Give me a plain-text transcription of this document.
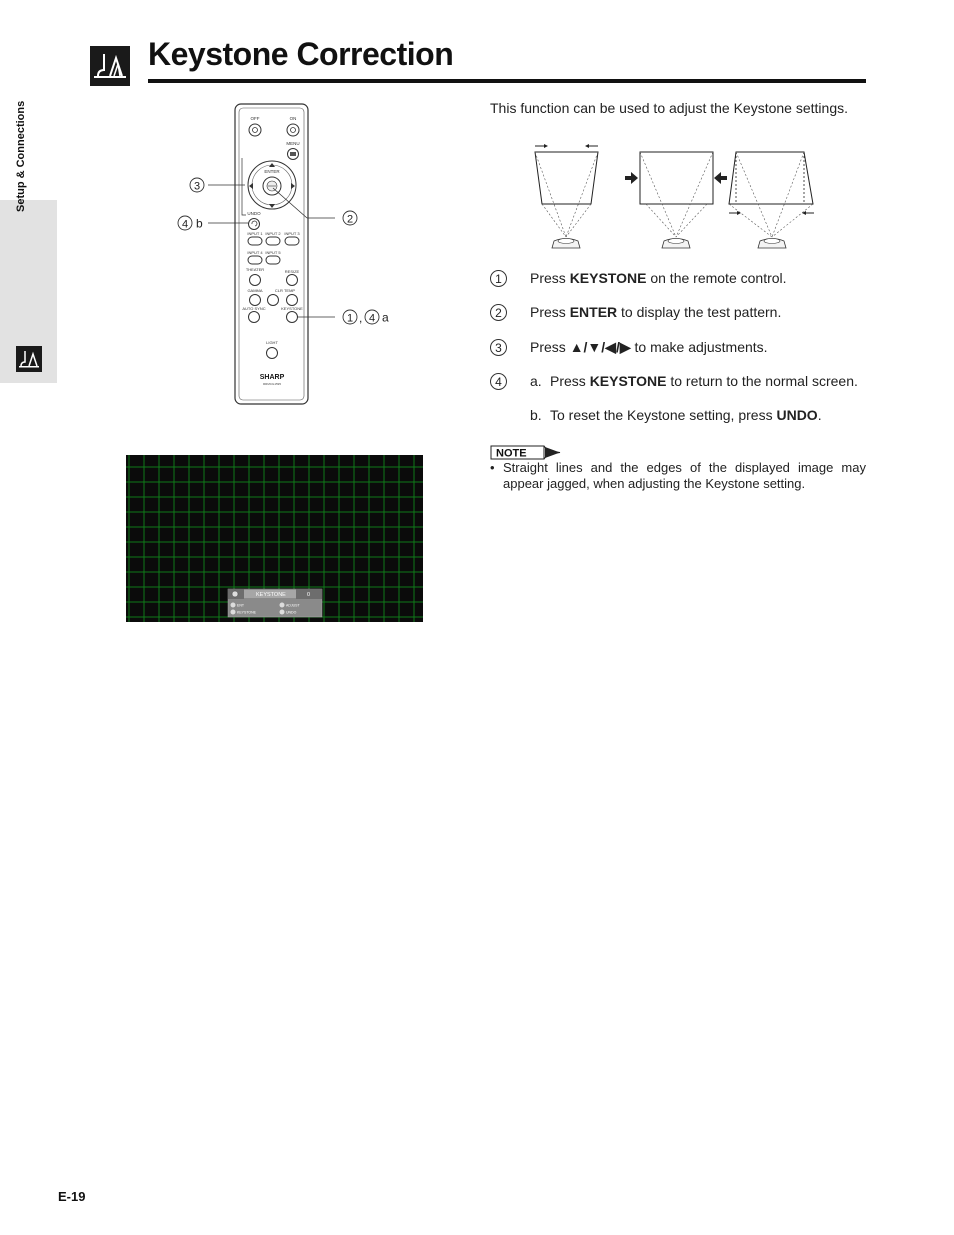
Keystone Correction
Setup & Connections	OFF	ON
MENU
ENTER
UNDO
INPUT 1 INPUT 2 INPUT 3
INPUT 4 INPUT 5
THEATER	RESIZE
GAMMA	CLR TEMP
AUTO SYNC	KEYSTONE
LIGHT
SHARP
RRMCG1595
3
4 b	2
1 , 4 a
KEYSTONE	0
ENT	ADJUST
KEYSTONE	UNDO
This function can be used to adjust the Keystone settings.
1	Press KEYSTONE on the remote control.
2	Press ENTER to display the test pattern.
3	Press ▲/▼/◀/▶ to make adjustments.
4	a. Press KEYSTONE to return to the normal screen.
b. To reset the Keystone setting, press UNDO.
NOTE
• Straight lines and the edges of the displayed image may appear jagged, when adjusting the Keystone setting.
E-19
